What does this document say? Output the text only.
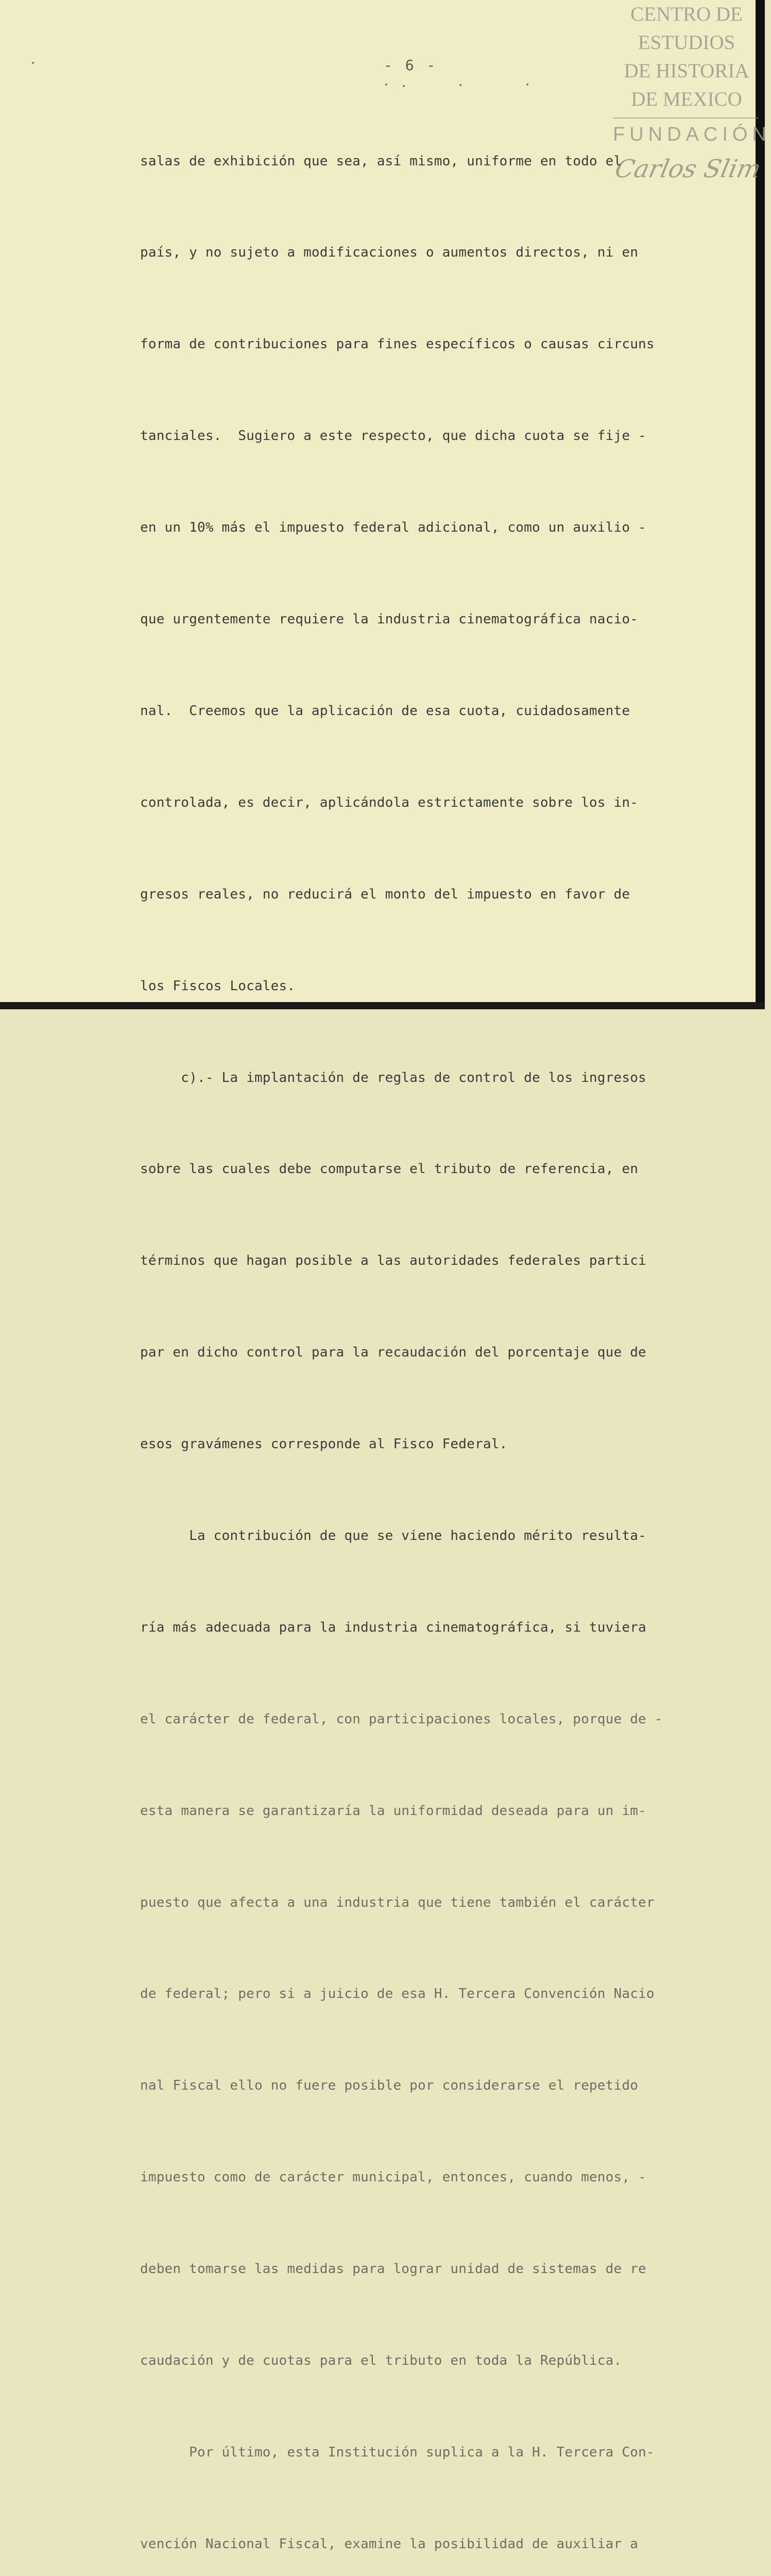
- 6 -
CENTRO DE
ESTUDIOS
DE HISTORIA
DE MEXICO
FUNDACIÓN
Carlos Slim

salas de exhibición que sea, así mismo, uniforme en todo el

país, y no sujeto a modificaciones o aumentos directos, ni en

forma de contribuciones para fines específicos o causas circuns

tanciales.  Sugiero a este respecto, que dicha cuota se fije -

en un 10% más el impuesto federal adicional, como un auxilio -

que urgentemente requiere la industria cinematográfica nacio-

nal.  Creemos que la aplicación de esa cuota, cuidadosamente

controlada, es decir, aplicándola estrictamente sobre los in-

gresos reales, no reducirá el monto del impuesto en favor de

los Fiscos Locales.

c).- La implantación de reglas de control de los ingresos

sobre las cuales debe computarse el tributo de referencia, en

términos que hagan posible a las autoridades federales partici

par en dicho control para la recaudación del porcentaje que de

esos gravámenes corresponde al Fisco Federal.

La contribución de que se viene haciendo mérito resulta-

ría más adecuada para la industria cinematográfica, si tuviera

el carácter de federal, con participaciones locales, porque de -

esta manera se garantizaría la uniformidad deseada para un im-

puesto que afecta a una industria que tiene también el carácter

de federal; pero si a juicio de esa H. Tercera Convención Nacio

nal Fiscal ello no fuere posible por considerarse el repetido

impuesto como de carácter municipal, entonces, cuando menos, -

deben tomarse las medidas para lograr unidad de sistemas de re

caudación y de cuotas para el tributo en toda la República.

Por último, esta Institución suplica a la H. Tercera Con-

vención Nacional Fiscal, examine la posibilidad de auxiliar a
